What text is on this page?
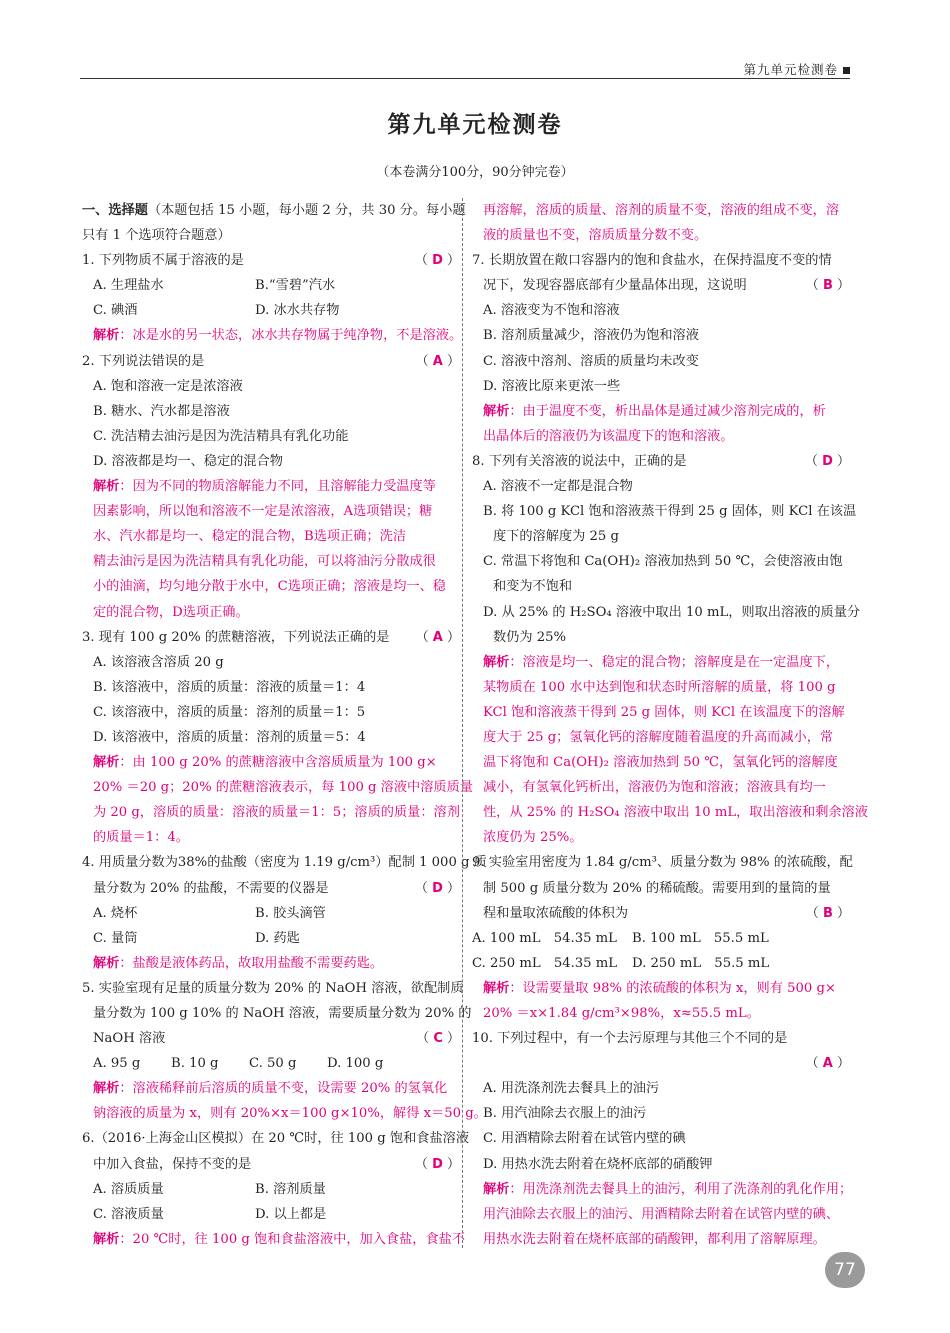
第九单元检测卷
第九单元检测卷
（本卷满分100分，90分钟完卷）
一、选择题（本题包括 15 小题，每小题 2 分，共 30 分。每小题
只有 1 个选项符合题意）
1. 下列物质不属于溶液的是	（ D ）
A. 生理盐水	B.“雪碧”汽水
C. 碘酒	D. 冰水共存物
解析：冰是水的另一状态，冰水共存物属于纯净物，不是溶液。
2. 下列说法错误的是	（ A ）
A. 饱和溶液一定是浓溶液
B. 糖水、汽水都是溶液
C. 洗洁精去油污是因为洗洁精具有乳化功能
D. 溶液都是均一、稳定的混合物
解析：因为不同的物质溶解能力不同，且溶解能力受温度等
因素影响，所以饱和溶液不一定是浓溶液，A选项错误；糖
水、汽水都是均一、稳定的混合物，B选项正确；洗洁
精去油污是因为洗洁精具有乳化功能，可以将油污分散成很
小的油滴，均匀地分散于水中，C选项正确；溶液是均一、稳
定的混合物，D选项正确。
3. 现有 100 g 20% 的蔗糖溶液，下列说法正确的是 （ A ）
A. 该溶液含溶质 20 g
B. 该溶液中，溶质的质量：溶液的质量＝1：4
C. 该溶液中，溶质的质量：溶剂的质量＝1：5
D. 该溶液中，溶质的质量：溶剂的质量＝5：4
解析：由 100 g 20% 的蔗糖溶液中含溶质质量为 100 g×
20% ＝20 g；20% 的蔗糖溶液表示，每 100 g 溶液中溶质质量
为 20 g，溶质的质量：溶液的质量＝1：5；溶质的质量：溶剂
的质量＝1：4。
4. 用质量分数为38%的盐酸（密度为 1.19 g/cm³）配制 1 000 g 质
量分数为 20% 的盐酸，不需要的仪器是	（ D ）
A. 烧杯	B. 胶头滴管
C. 量筒	D. 药匙
解析：盐酸是液体药品，故取用盐酸不需要药匙。
5. 实验室现有足量的质量分数为 20% 的 NaOH 溶液，欲配制质
量分数为 100 g 10% 的 NaOH 溶液，需要质量分数为 20% 的
NaOH 溶液	（ C ）
A. 95 g B. 10 g C. 50 g D. 100 g
解析：溶液稀释前后溶质的质量不变，设需要 20% 的氢氧化
钠溶液的质量为 x，则有 20%×x＝100 g×10%，解得 x＝50 g。
6.（2016·上海金山区模拟）在 20 ℃时，往 100 g 饱和食盐溶液
中加入食盐，保持不变的是	（ D ）
A. 溶质质量	B. 溶剂质量
C. 溶液质量	D. 以上都是
解析：20 ℃时，往 100 g 饱和食盐溶液中，加入食盐，食盐不
再溶解，溶质的质量、溶剂的质量不变，溶液的组成不变，溶
液的质量也不变，溶质质量分数不变。
7. 长期放置在敞口容器内的饱和食盐水，在保持温度不变的情
况下，发现容器底部有少量晶体出现，这说明	（ B ）
A. 溶液变为不饱和溶液
B. 溶剂质量减少，溶液仍为饱和溶液
C. 溶液中溶剂、溶质的质量均未改变
D. 溶液比原来更浓一些
解析：由于温度不变，析出晶体是通过减少溶剂完成的，析
出晶体后的溶液仍为该温度下的饱和溶液。
8. 下列有关溶液的说法中，正确的是	（ D ）
A. 溶液不一定都是混合物
B. 将 100 g KCl 饱和溶液蒸干得到 25 g 固体，则 KCl 在该温
度下的溶解度为 25 g
C. 常温下将饱和 Ca(OH)₂ 溶液加热到 50 ℃，会使溶液由饱
和变为不饱和
D. 从 25% 的 H₂SO₄ 溶液中取出 10 mL，则取出溶液的质量分
数仍为 25%
解析：溶液是均一、稳定的混合物；溶解度是在一定温度下，
某物质在 100 水中达到饱和状态时所溶解的质量，将 100 g
KCl 饱和溶液蒸干得到 25 g 固体，则 KCl 在该温度下的溶解
度大于 25 g；氢氧化钙的溶解度随着温度的升高而减小，常
温下将饱和 Ca(OH)₂ 溶液加热到 50 ℃，氢氧化钙的溶解度
减小，有氢氧化钙析出，溶液仍为饱和溶液；溶液具有均一
性，从 25% 的 H₂SO₄ 溶液中取出 10 mL，取出溶液和剩余溶液
浓度仍为 25%。
9. 实验室用密度为 1.84 g/cm³、质量分数为 98% 的浓硫酸，配
制 500 g 质量分数为 20% 的稀硫酸。需要用到的量筒的量
程和量取浓硫酸的体积为	（ B ）
A. 100 mL　54.35 mL B. 100 mL　55.5 mL
C. 250 mL　54.35 mL D. 250 mL　55.5 mL
解析：设需要量取 98% 的浓硫酸的体积为 x，则有 500 g×
20% ＝x×1.84 g/cm³×98%，x≈55.5 mL。
10. 下列过程中，有一个去污原理与其他三个不同的是
（ A ）
A. 用洗涤剂洗去餐具上的油污
B. 用汽油除去衣服上的油污
C. 用酒精除去附着在试管内壁的碘
D. 用热水洗去附着在烧杯底部的硝酸钾
解析：用洗涤剂洗去餐具上的油污，利用了洗涤剂的乳化作用；
用汽油除去衣服上的油污、用酒精除去附着在试管内壁的碘、
用热水洗去附着在烧杯底部的硝酸钾，都利用了溶解原理。
77
